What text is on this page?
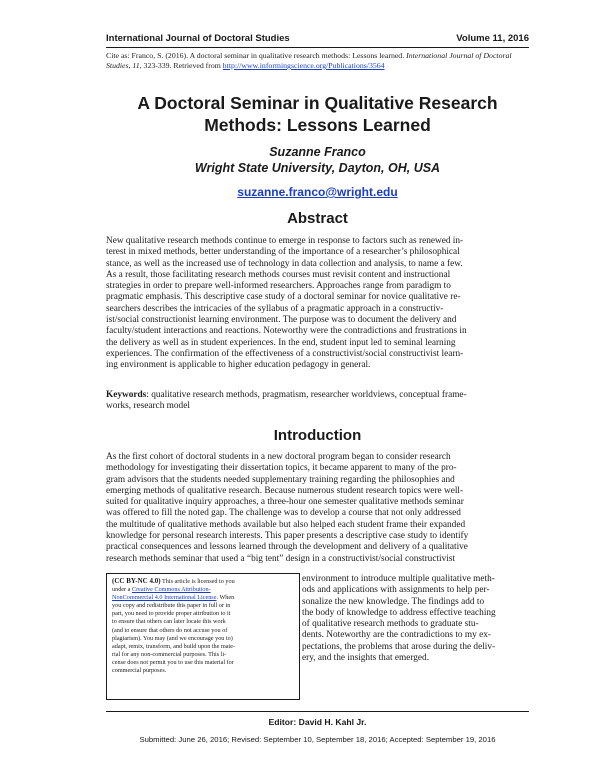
International Journal of Doctoral Studies	Volume 11, 2016
Cite as: Franco, S. (2016). A doctoral seminar in qualitative research methods: Lessons learned. International Journal of Doctoral Studies, 11, 323-339. Retrieved from http://www.informingscience.org/Publications/3564
A Doctoral Seminar in Qualitative Research
Methods: Lessons Learned
Suzanne Franco
Wright State University, Dayton, OH, USA
suzanne.franco@wright.edu
Abstract
New qualitative research methods continue to emerge in response to factors such as renewed in-
terest in mixed methods, better understanding of the importance of a researcher’s philosophical
stance, as well as the increased use of technology in data collection and analysis, to name a few.
As a result, those facilitating research methods courses must revisit content and instructional
strategies in order to prepare well-informed researchers. Approaches range from paradigm to
pragmatic emphasis. This descriptive case study of a doctoral seminar for novice qualitative re-
searchers describes the intricacies of the syllabus of a pragmatic approach in a constructiv-
ist/social constructionist learning environment. The purpose was to document the delivery and
faculty/student interactions and reactions. Noteworthy were the contradictions and frustrations in
the delivery as well as in student experiences. In the end, student input led to seminal learning
experiences. The confirmation of the effectiveness of a constructivist/social constructivist learn-
ing environment is applicable to higher education pedagogy in general.
Keywords: qualitative research methods, pragmatism, researcher worldviews, conceptual frame-
works, research model
Introduction
As the first cohort of doctoral students in a new doctoral program began to consider research
methodology for investigating their dissertation topics, it became apparent to many of the pro-
gram advisors that the students needed supplementary training regarding the philosophies and
emerging methods of qualitative research. Because numerous student research topics were well-
suited for qualitative inquiry approaches, a three-hour one semester qualitative methods seminar
was offered to fill the noted gap. The challenge was to develop a course that not only addressed
the multitude of qualitative methods available but also helped each student frame their expanded
knowledge for personal research interests. This paper presents a descriptive case study to identify
practical consequences and lessons learned through the development and delivery of a qualitative
research methods seminar that used a “big tent” design in a constructivist/social constructivist
(CC BY-NC 4.0) This article is licensed to you
under a Creative Commons Attribution-
NonCommercial 4.0 International License. When
you copy and redistribute this paper in full or in
part, you need to provide proper attribution to it
to ensure that others can later locate this work
(and to ensure that others do not accuse you of
plagiarism). You may (and we encourage you to)
adapt, remix, transform, and build upon the mate-
rial for any non-commercial purposes. This li-
cense does not permit you to use this material for
commercial purposes.
environment to introduce multiple qualitative meth-
ods and applications with assignments to help per-
sonalize the new knowledge. The findings add to
the body of knowledge to address effective teaching
of qualitative research methods to graduate stu-
dents. Noteworthy are the contradictions to my ex-
pectations, the problems that arose during the deliv-
ery, and the insights that emerged.
Editor: David H. Kahl Jr.
Submitted: June 26, 2016; Revised: September 10, September 18, 2016; Accepted: September 19, 2016
